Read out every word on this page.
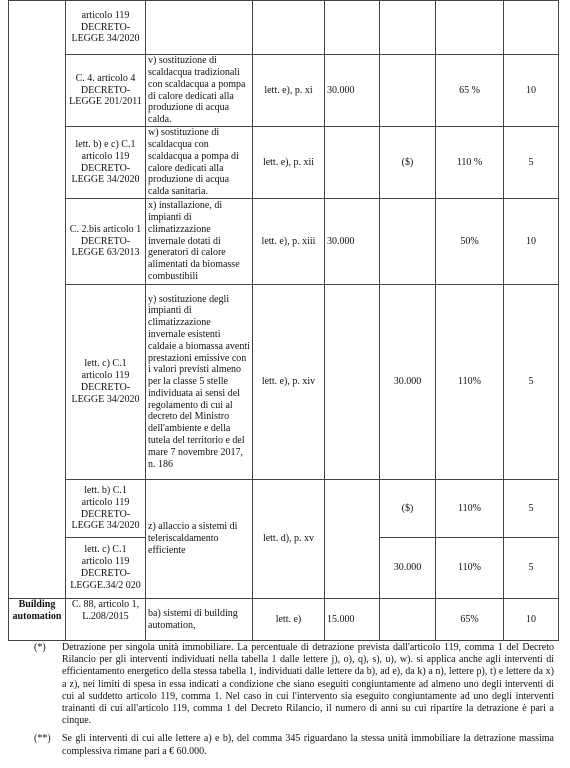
	articolo 119 DECRETO-LEGGE 34/2020						
	C. 4. articolo 4 DECRETO-LEGGE 201/2011	v) sostituzione di scaldacqua tradizionali con scaldacqua a pompa di calore dedicati alla produzione di acqua calda.	lett. e), p. xi	30.000		65 %	10
	lett. b) e c) C.1 articolo 119 DECRETO-LEGGE 34/2020	w) sostituzione di scaldacqua con scaldacqua a pompa di calore dedicati alla produzione di acqua calda sanitaria.	lett. e), p. xii		($)	110 %	5
	C. 2.bis articolo 1 DECRETO-LEGGE 63/2013	x) installazione, di impianti di climatizzazione invernale dotati di generatori di calore alimentati da biomasse combustibili	lett. e), p. xiii	30.000		50%	10
	lett. c) C.1 articolo 119 DECRETO-LEGGE 34/2020	y) sostituzione degli impianti di climatizzazione invernale esistenti caldaie a biomassa aventi prestazioni emissive con i valori previsti almeno per la classe 5 stelle individuata ai sensi del regolamento di cui al decreto del Ministro dell'ambiente e della tutela del territorio e del mare 7 novembre 2017, n. 186	lett. e), p. xiv		30.000	110%	5
	lett. b) C.1 articolo 119 DECRETO-LEGGE 34/2020	z) allaccio a sistemi di teleriscaldamento efficiente	lett. d), p. xv		($)	110%	5
	lett. c) C.1 articolo 119 DECRETO-LEGGE.34/2 020				30.000	110%	5
Building automation	C. 88, articolo 1, L.208/2015	ba) sistemi di building automation,	lett. e)	15.000		65%	10
(*)	Detrazione per singola unità immobiliare. La percentuale di detrazione prevista dall'articolo 119, comma 1 del Decreto Rilancio per gli interventi individuati nella tabella 1 dalle lettere j), o), q), s), u), w). si applica anche agli interventi di efficientamento energetico della stessa tabella 1, individuati dalle lettere da b), ad e), da k) a n), lettere p), t) e lettere da x) a z), nei limiti di spesa in essa indicati a condizione che siano eseguiti congiuntamente ad almeno uno degli interventi di cui al suddetto articolo 119, comma 1. Nel caso in cui l'intervento sia eseguito congiuntamente ad uno degli interventi trainanti di cui all'articolo 119, comma 1 del Decreto Rilancio, il numero di anni su cui ripartire la detrazione è pari a cinque.
(**)	Se gli interventi di cui alle lettere a) e b), del comma 345 riguardano la stessa unità immobiliare la detrazione massima complessiva rimane pari a € 60.000.
